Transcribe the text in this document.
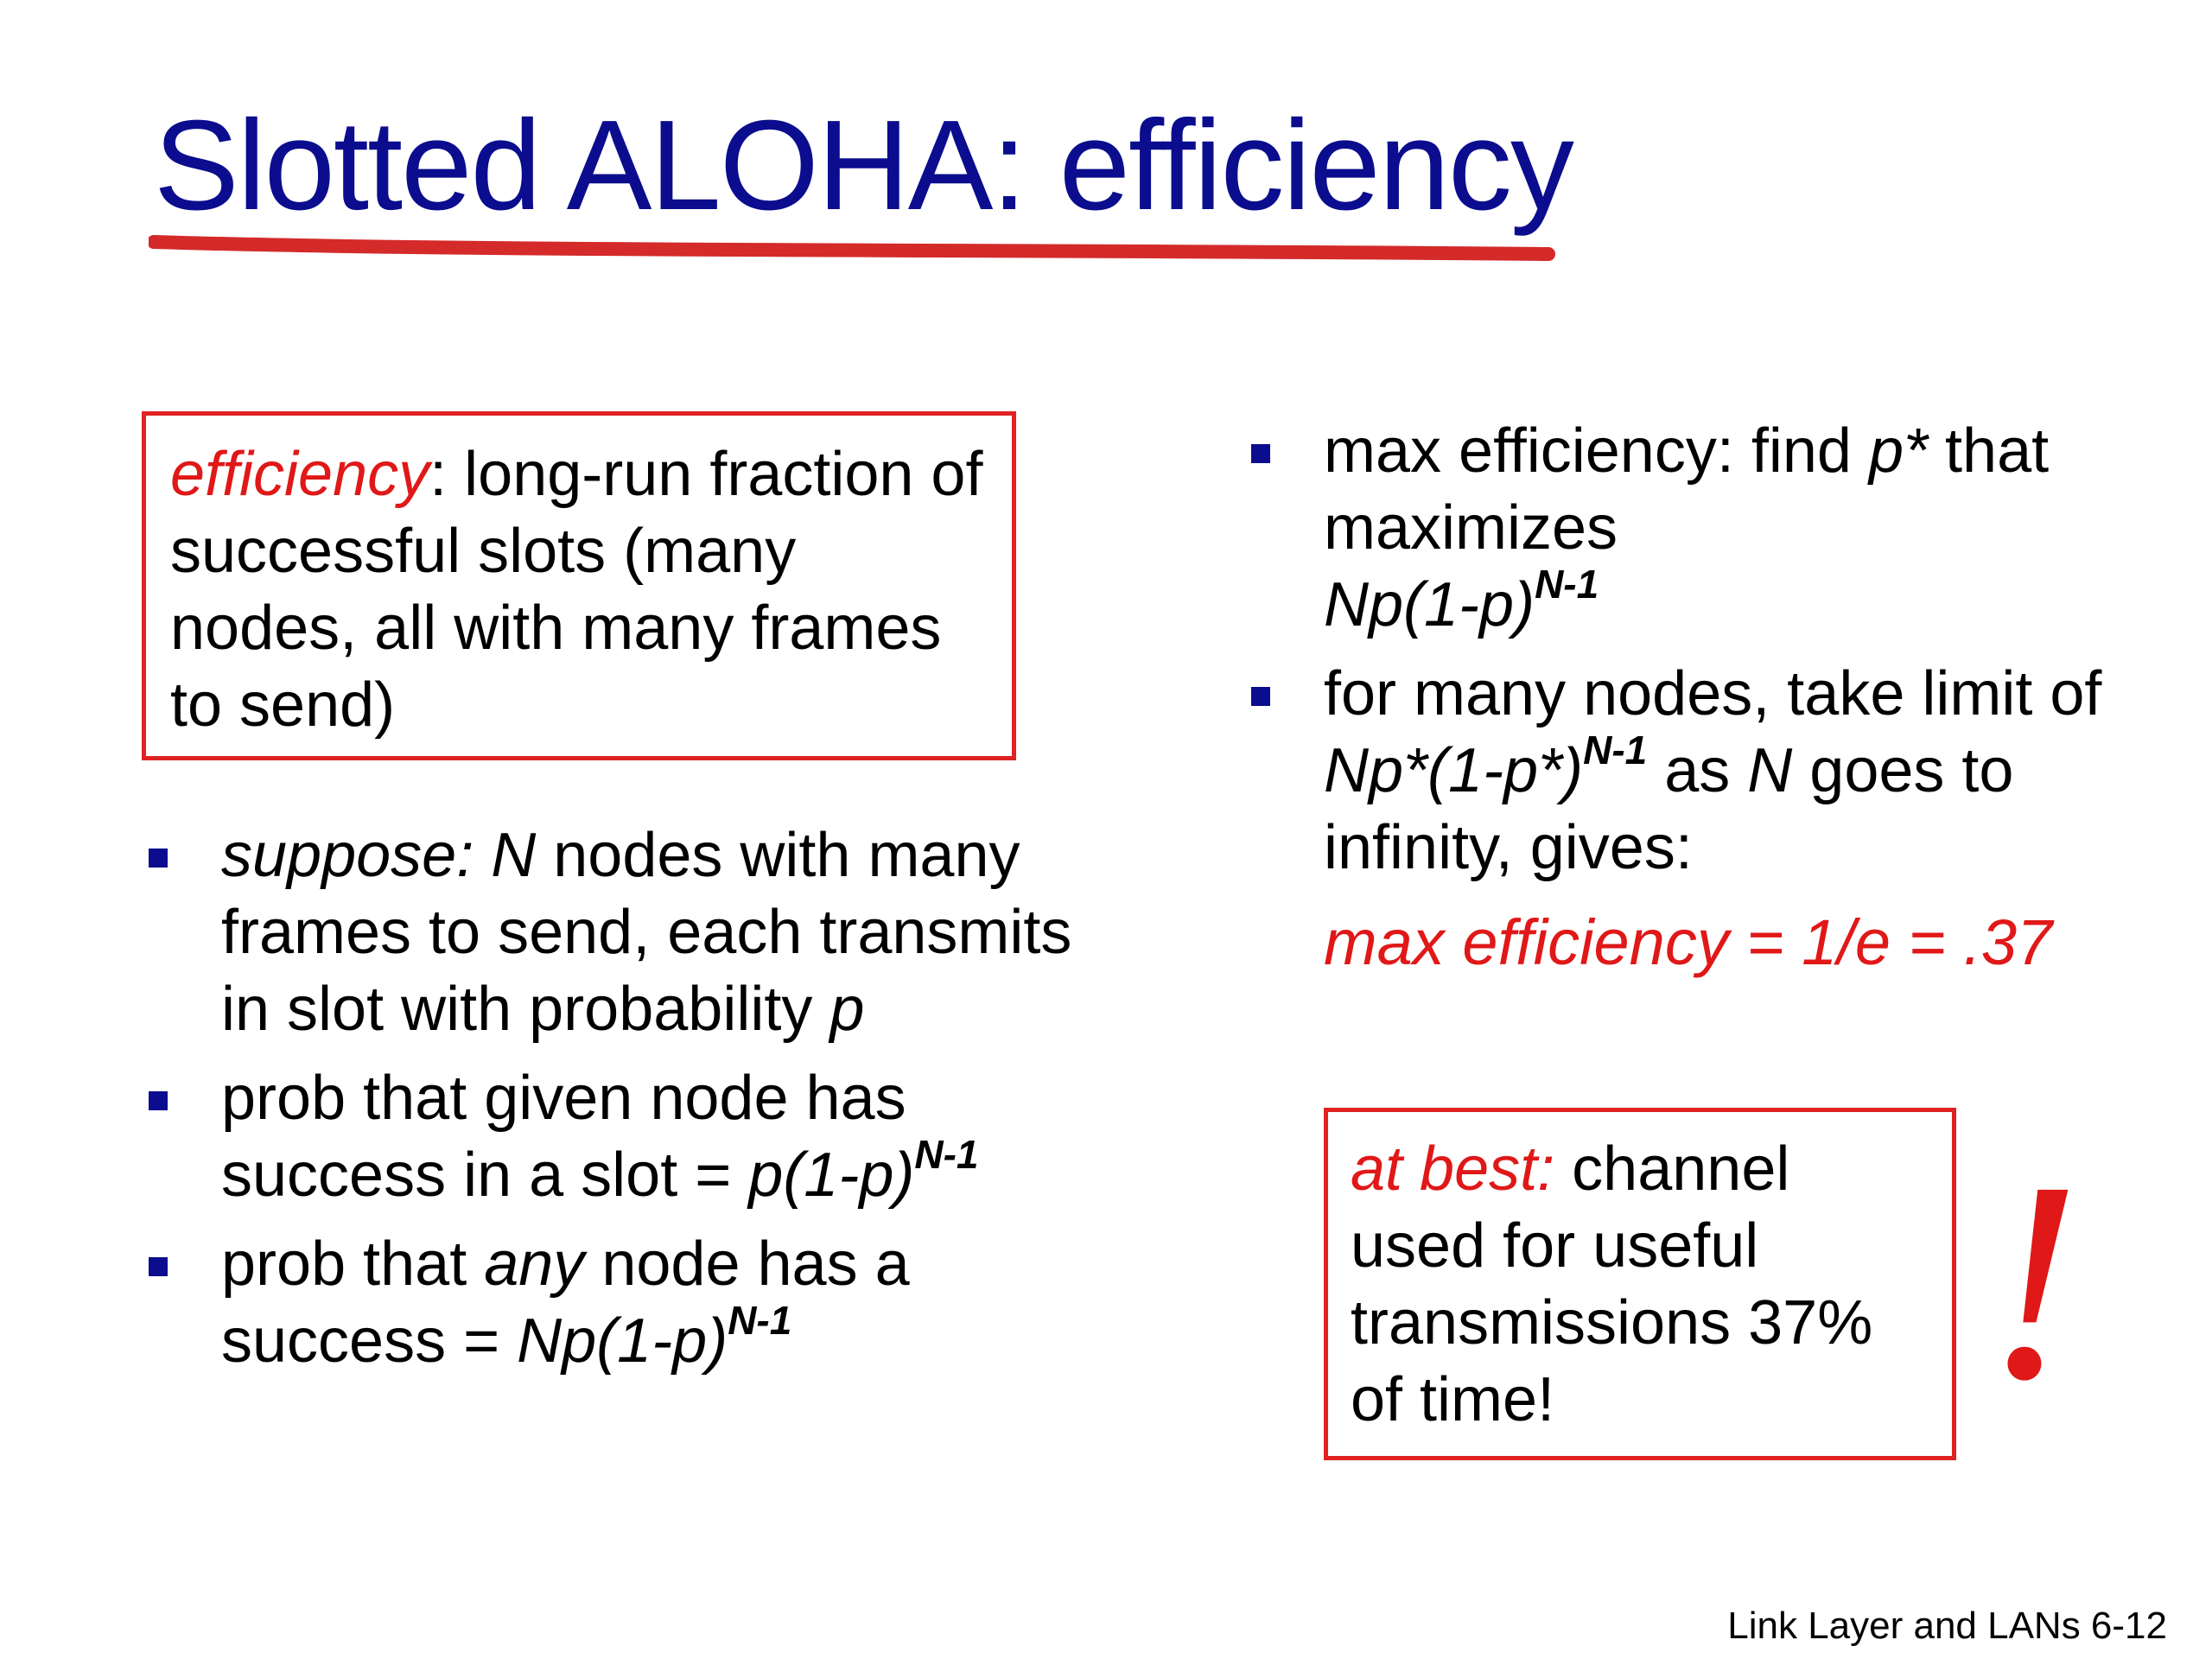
Slotted ALOHA: efficiency
efficiency: long-run fraction of successful slots (many nodes, all with many frames to send)
suppose: N nodes with many frames to send, each transmits in slot with probability p
prob that given node has success in a slot = $p(1-p)^{N-1}$
prob that any node has a success = $Np(1-p)^{N-1}$
max efficiency: find p* that maximizes
$Np(1-p)^{N-1}$
for many nodes, take limit of $Np*(1-p*)^{N-1}$ as N goes to infinity, gives:
max efficiency = 1/e = .37
at best: channel used for useful transmissions 37% of time!	!
Link Layer and LANs 6-12
